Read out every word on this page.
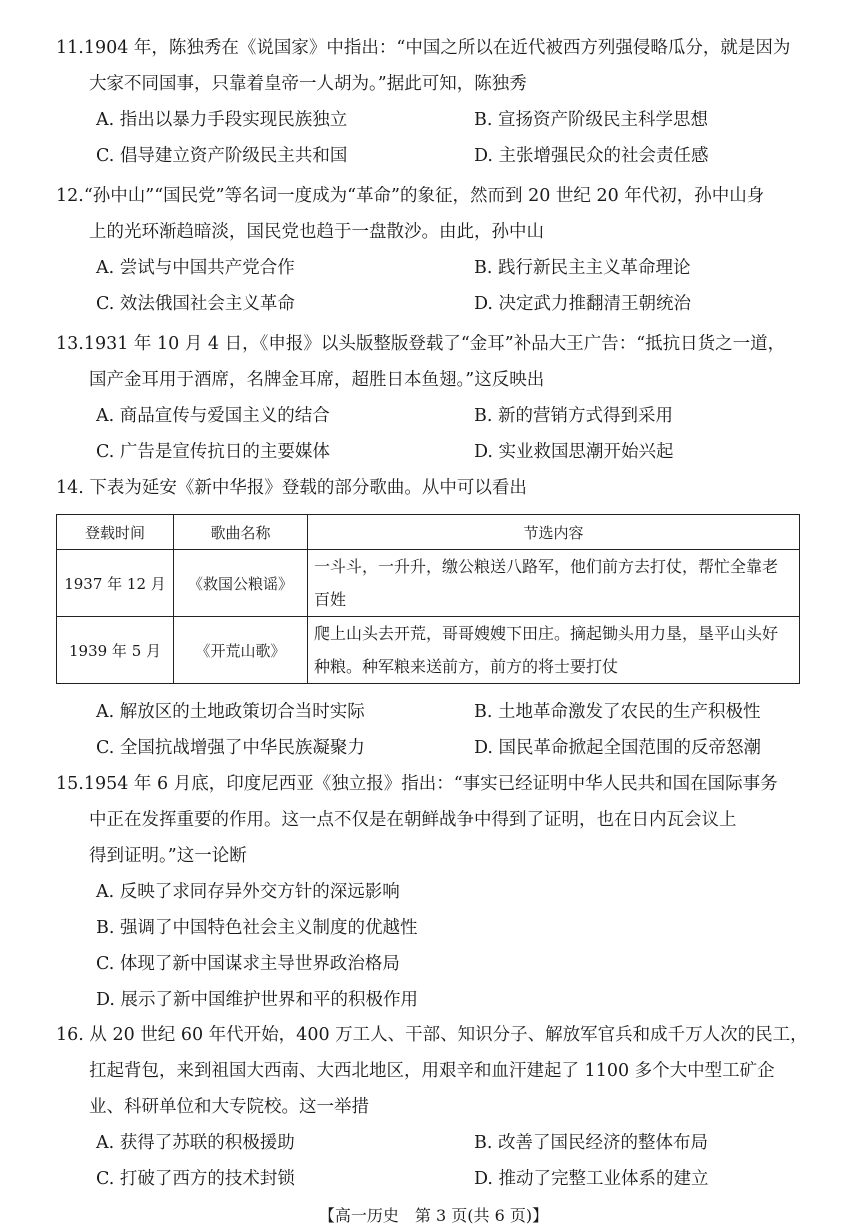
11.1904 年，陈独秀在《说国家》中指出：“中国之所以在近代被西方列强侵略瓜分，就是因为
大家不同国事，只靠着皇帝一人胡为。”据此可知，陈独秀
A. 指出以暴力手段实现民族独立	B. 宣扬资产阶级民主科学思想
C. 倡导建立资产阶级民主共和国	D. 主张增强民众的社会责任感
12.“孙中山”“国民党”等名词一度成为“革命”的象征，然而到 20 世纪 20 年代初，孙中山身
上的光环渐趋暗淡，国民党也趋于一盘散沙。由此，孙中山
A. 尝试与中国共产党合作	B. 践行新民主主义革命理论
C. 效法俄国社会主义革命	D. 决定武力推翻清王朝统治
13.1931 年 10 月 4 日，《申报》以头版整版登载了“金耳”补品大王广告：“抵抗日货之一道，
国产金耳用于酒席，名牌金耳席，超胜日本鱼翅。”这反映出
A. 商品宣传与爱国主义的结合	B. 新的营销方式得到采用
C. 广告是宣传抗日的主要媒体	D. 实业救国思潮开始兴起
14. 下表为延安《新中华报》登载的部分歌曲。从中可以看出
登载时间	歌曲名称	节选内容
1937 年 12 月	《救国公粮谣》	一斗斗，一升升，缴公粮送八路军，他们前方去打仗，帮忙全靠老百姓
1939 年 5 月	《开荒山歌》	爬上山头去开荒，哥哥嫂嫂下田庄。摘起锄头用力垦，垦平山头好种粮。种军粮来送前方，前方的将士要打仗
A. 解放区的土地政策切合当时实际	B. 土地革命激发了农民的生产积极性
C. 全国抗战增强了中华民族凝聚力	D. 国民革命掀起全国范围的反帝怒潮
15.1954 年 6 月底，印度尼西亚《独立报》指出：“事实已经证明中华人民共和国在国际事务
中正在发挥重要的作用。这一点不仅是在朝鲜战争中得到了证明，也在日内瓦会议上
得到证明。”这一论断
A. 反映了求同存异外交方针的深远影响
B. 强调了中国特色社会主义制度的优越性
C. 体现了新中国谋求主导世界政治格局
D. 展示了新中国维护世界和平的积极作用
16. 从 20 世纪 60 年代开始，400 万工人、干部、知识分子、解放军官兵和成千万人次的民工，
扛起背包，来到祖国大西南、大西北地区，用艰辛和血汗建起了 1100 多个大中型工矿企
业、科研单位和大专院校。这一举措
A. 获得了苏联的积极援助	B. 改善了国民经济的整体布局
C. 打破了西方的技术封锁	D. 推动了完整工业体系的建立
【高一历史　第 3 页(共 6 页)】
